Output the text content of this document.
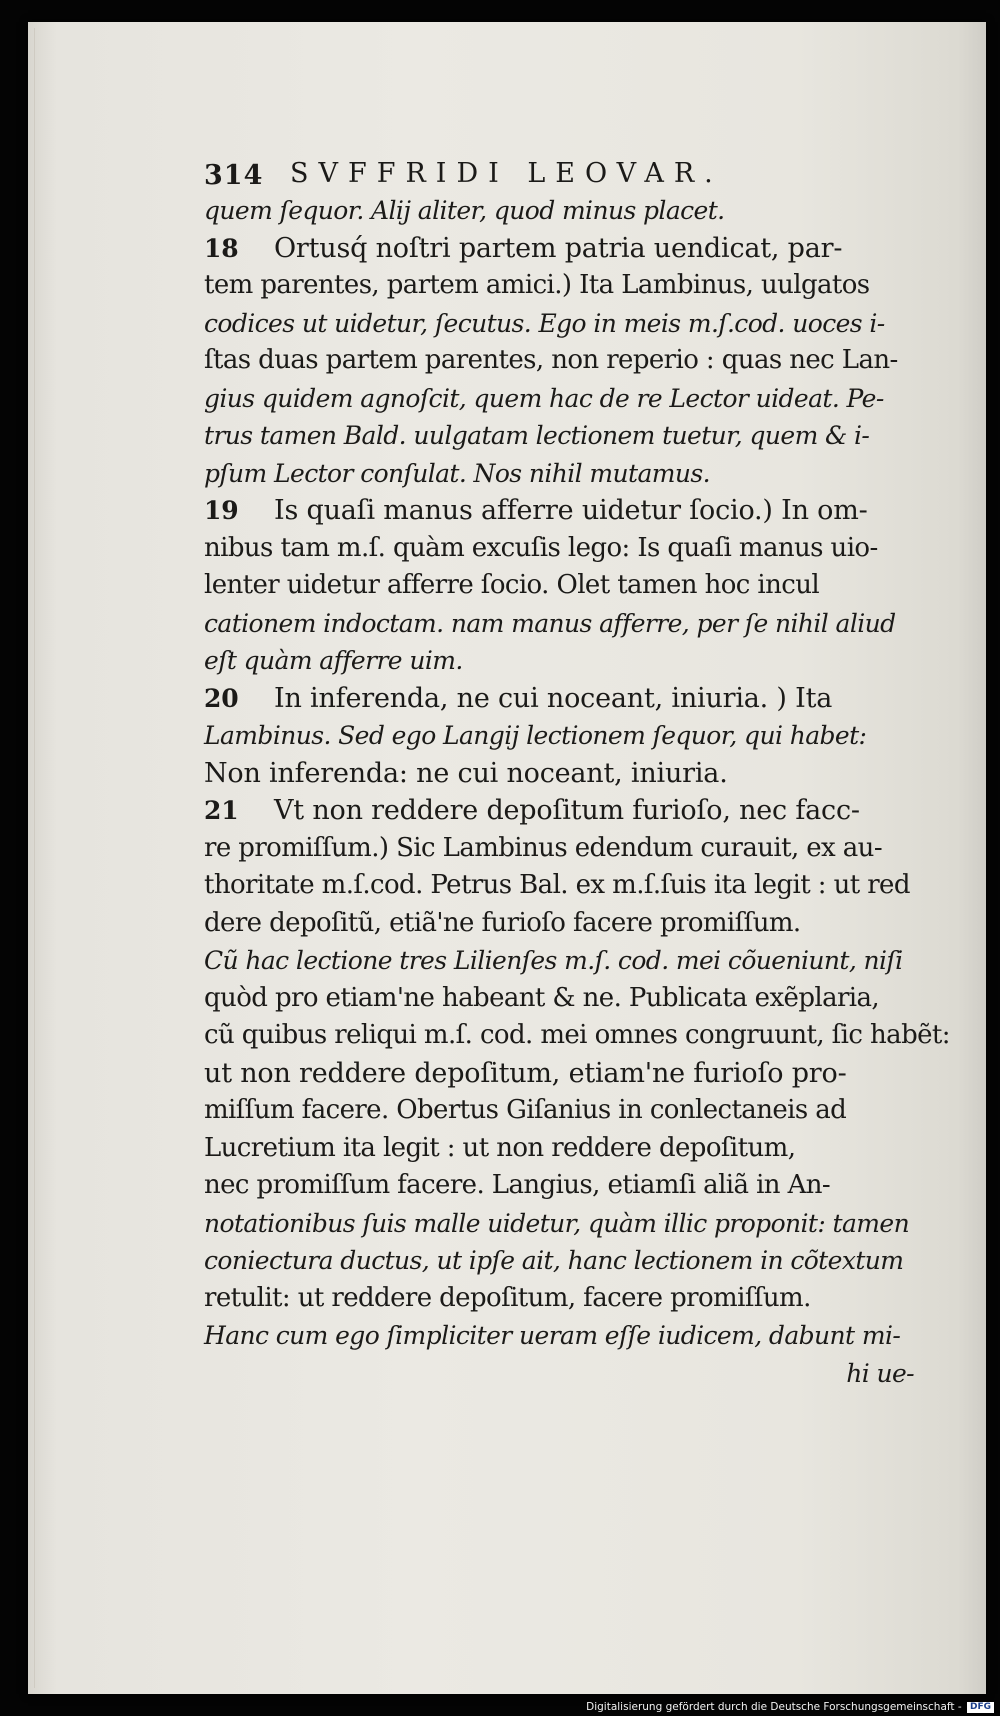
314 SVFFRIDI LEOVAR.
quem ſequor. Alij aliter, quod minus placet.
18 Ortusq́ noſtri partem patria uendicat, par-
tem parentes, partem amici.) Ita Lambinus, uulgatos
codices ut uidetur, ſecutus. Ego in meis m.ſ.cod. uoces i-
ſtas duas partem parentes, non reperio : quas nec Lan-
gius quidem agnoſcit, quem hac de re Lector uideat. Pe-
trus tamen Bald. uulgatam lectionem tuetur, quem & i-
pſum Lector conſulat. Nos nihil mutamus.
19 Is quaſi manus afferre uidetur ſocio.) In om-
nibus tam m.ſ. quàm excuſis lego: Is quaſi manus uio-
lenter uidetur afferre ſocio. Olet tamen hoc incul
cationem indoctam. nam manus afferre, per ſe nihil aliud
eſt quàm afferre uim.
20 In inferenda, ne cui noceant, iniuria. ) Ita
Lambinus. Sed ego Langij lectionem ſequor, qui habet:
Non inferenda: ne cui noceant, iniuria.
21 Vt non reddere depoſitum furioſo, nec facc-
re promiſſum.) Sic Lambinus edendum curauit, ex au-
thoritate m.ſ.cod. Petrus Bal. ex m.ſ.ſuis ita legit : ut red
dere depoſitũ, etiã'ne furioſo facere promiſſum.
Cũ hac lectione tres Lilienſes m.ſ. cod. mei cõueniunt, niſi
quòd pro etiam'ne habeant & ne. Publicata exẽplaria,
cũ quibus reliqui m.ſ. cod. mei omnes congruunt, ſic habẽt:
ut non reddere depoſitum, etiam'ne furioſo pro-
miſſum facere. Obertus Giſanius in conlectaneis ad
Lucretium ita legit : ut non reddere depoſitum,
nec promiſſum facere. Langius, etiamſi aliã in An-
notationibus ſuis malle uidetur, quàm illic proponit: tamen
coniectura ductus, ut ipſe ait, hanc lectionem in cõtextum
retulit: ut reddere depoſitum, facere promiſſum.
Hanc cum ego ſimpliciter ueram eſſe iudicem, dabunt mi-
hi ue-
Digitalisierung gefördert durch die Deutsche Forschungsgemeinschaft - DFG
